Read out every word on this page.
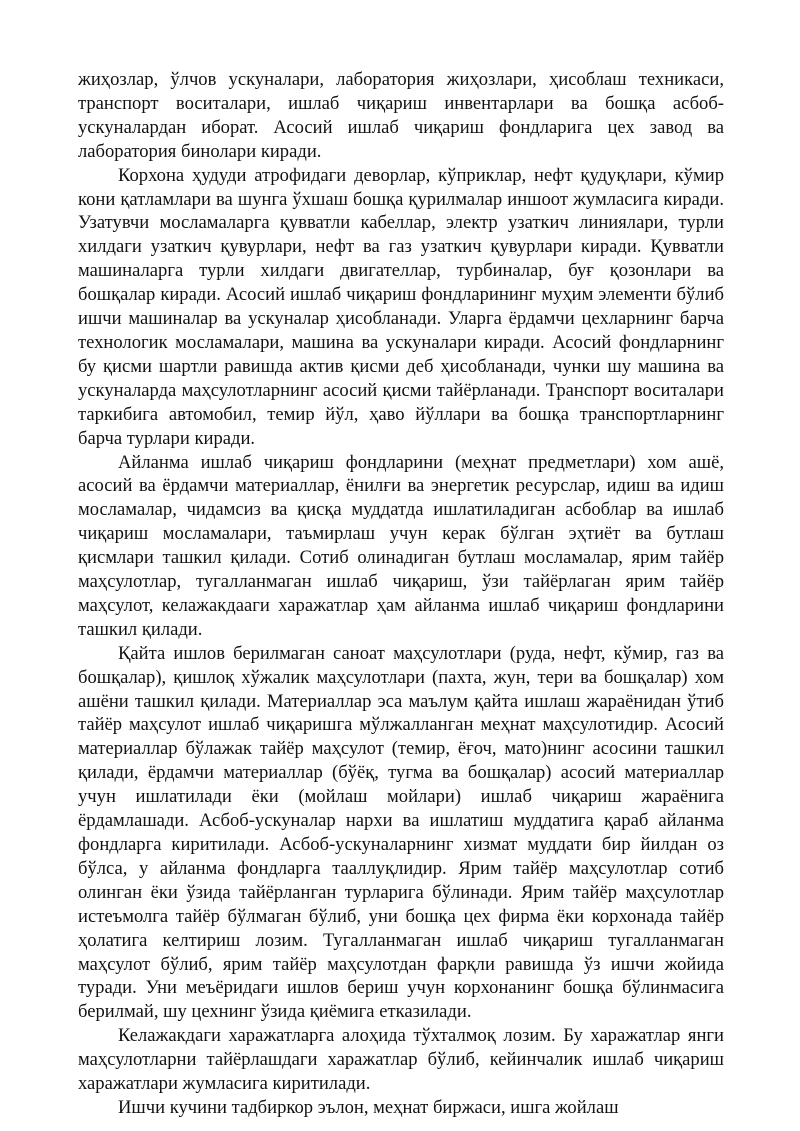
жиҳозлар, ўлчов ускуналари, лаборатория жиҳозлари, ҳисоблаш техникаси, транспорт воситалари, ишлаб чиқариш инвентарлари ва бошқа асбоб-ускуналардан иборат. Асосий ишлаб чиқариш фондларига цех завод ва лаборатория бинолари киради.

Корхона ҳудуди атрофидаги деворлар, кўприклар, нефт қудуқлари, кўмир кони қатламлари ва шунга ўхшаш бошқа қурилмалар иншоот жумласига киради. Узатувчи мосламаларга қувватли кабеллар, электр узаткич линиялари, турли хилдаги узаткич қувурлари, нефт ва газ узаткич қувурлари киради. Қувватли машиналарга турли хилдаги двигателлар, турбиналар, буғ қозонлари ва бошқалар киради. Асосий ишлаб чиқариш фондларининг муҳим элементи бўлиб ишчи машиналар ва ускуналар ҳисобланади. Уларга ёрдамчи цехларнинг барча технологик мосламалари, машина ва ускуналари киради. Асосий фондларнинг бу қисми шартли равишда актив қисми деб ҳисобланади, чунки шу машина ва ускуналарда маҳсулотларнинг асосий қисми тайёрланади. Транспорт воситалари таркибига автомобил, темир йўл, ҳаво йўллари ва бошқа транспортларнинг барча турлари киради.

Айланма ишлаб чиқариш фондларини (меҳнат предметлари) хом ашё, асосий ва ёрдамчи материаллар, ёнилғи ва энергетик ресурслар, идиш ва идиш мосламалар, чидамсиз ва қисқа муддатда ишлатиладиган асбоблар ва ишлаб чиқариш мосламалари, таъмирлаш учун керак бўлган эҳтиёт ва бутлаш қисмлари ташкил қилади. Сотиб олинадиган бутлаш мосламалар, ярим тайёр маҳсулотлар, тугалланмаган ишлаб чиқариш, ўзи тайёрлаган ярим тайёр маҳсулот, келажакдааги харажатлар ҳам айланма ишлаб чиқариш фондларини ташкил қилади.

Қайта ишлов берилмаган саноат маҳсулотлари (руда, нефт, кўмир, газ ва бошқалар), қишлоқ хўжалик маҳсулотлари (пахта, жун, тери ва бошқалар) хом ашёни ташкил қилади. Материаллар эса маълум қайта ишлаш жараёнидан ўтиб тайёр маҳсулот ишлаб чиқаришга мўлжалланган меҳнат маҳсулотидир. Асосий материаллар бўлажак тайёр маҳсулот (темир, ёғоч, мато)нинг асосини ташкил қилади, ёрдамчи материаллар (бўёқ, тугма ва бошқалар) асосий материаллар учун ишлатилади ёки (мойлаш мойлари) ишлаб чиқариш жараёнига ёрдамлашади. Асбоб-ускуналар нархи ва ишлатиш муддатига қараб айланма фондларга киритилади. Асбоб-ускуналарнинг хизмат муддати бир йилдан оз бўлса, у айланма фондларга тааллуқлидир. Ярим тайёр маҳсулотлар сотиб олинган ёки ўзида тайёрланган турларига бўлинади. Ярим тайёр маҳсулотлар истеъмолга тайёр бўлмаган бўлиб, уни бошқа цех фирма ёки корхонада тайёр ҳолатига келтириш лозим. Тугалланмаган ишлаб чиқариш тугалланмаган маҳсулот бўлиб, ярим тайёр маҳсулотдан фарқли равишда ўз ишчи жойида туради. Уни меъёридаги ишлов бериш учун корхонанинг бошқа бўлинмасига берилмай, шу цехнинг ўзида қиёмига етказилади.

Келажакдаги харажатларга алоҳида тўхталмоқ лозим. Бу харажатлар янги маҳсулотларни тайёрлашдаги харажатлар бўлиб, кейинчалик ишлаб чиқариш харажатлари жумласига киритилади.

Ишчи кучини тадбиркор эълон, меҳнат биржаси, ишга жойлаш
